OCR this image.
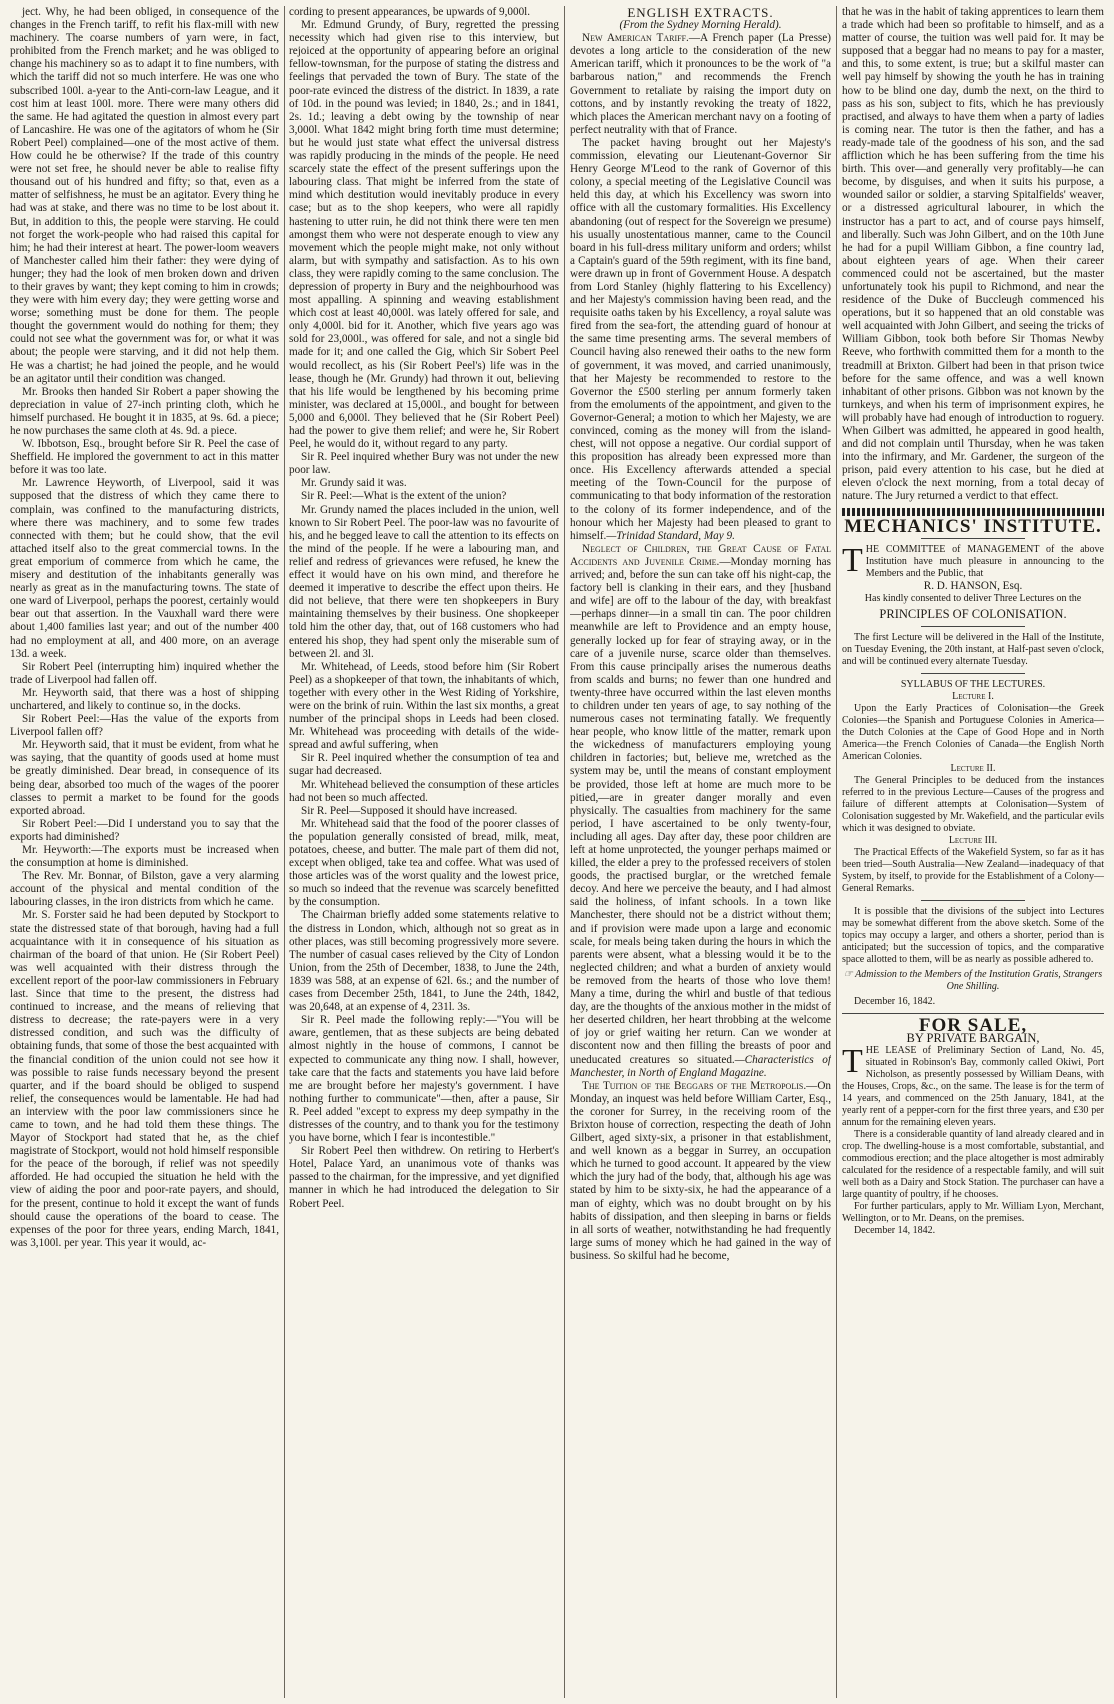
ject. Why, he had been obliged, in consequence of the changes in the French tariff, to refit his flax-mill with new machinery. The coarse numbers of yarn were, in fact, prohibited from the French market; and he was obliged to change his machinery so as to adapt it to fine numbers, with which the tariff did not so much interfere. He was one who subscribed 100l. a-year to the Anti-corn-law League, and it cost him at least 100l. more. There were many others did the same. He had agitated the question in almost every part of Lancashire. He was one of the agitators of whom he (Sir Robert Peel) complained—one of the most active of them. How could he be otherwise? If the trade of this country were not set free, he should never be able to realise fifty thousand out of his hundred and fifty; so that, even as a matter of selfishness, he must be an agitator. Every thing he had was at stake, and there was no time to be lost about it. But, in addition to this, the people were starving. He could not forget the work-people who had raised this capital for him; he had their interest at heart. The power-loom weavers of Manchester called him their father: they were dying of hunger; they had the look of men broken down and driven to their graves by want; they kept coming to him in crowds; they were with him every day; they were getting worse and worse; something must be done for them. The people thought the government would do nothing for them; they could not see what the government was for, or what it was about; the people were starving, and it did not help them. He was a chartist; he had joined the people, and he would be an agitator until their condition was changed.

Mr. Brooks then handed Sir Robert a paper showing the depreciation in value of 27-inch printing cloth, which he himself purchased. He bought it in 1835, at 9s. 6d. a piece; he now purchases the same cloth at 4s. 9d. a piece.

W. Ibbotson, Esq., brought before Sir R. Peel the case of Sheffield. He implored the government to act in this matter before it was too late.

Mr. Lawrence Heyworth, of Liverpool, said it was supposed that the distress of which they came there to complain, was confined to the manufacturing districts, where there was machinery, and to some few trades connected with them; but he could show, that the evil attached itself also to the great commercial towns. In the great emporium of commerce from which he came, the misery and destitution of the inhabitants generally was nearly as great as in the manufacturing towns. The state of one ward of Liverpool, perhaps the poorest, certainly would bear out that assertion. In the Vauxhall ward there were about 1,400 families last year; and out of the number 400 had no employment at all, and 400 more, on an average 13d. a week.

Sir Robert Peel (interrupting him) inquired whether the trade of Liverpool had fallen off.

Mr. Heyworth said, that there was a host of shipping unchartered, and likely to continue so, in the docks.

Sir Robert Peel:—Has the value of the exports from Liverpool fallen off?

Mr. Heyworth said, that it must be evident, from what he was saying, that the quantity of goods used at home must be greatly diminished. Dear bread, in consequence of its being dear, absorbed too much of the wages of the poorer classes to permit a market to be found for the goods exported abroad.

Sir Robert Peel:—Did I understand you to say that the exports had diminished?

Mr. Heyworth:—The exports must be increased when the consumption at home is diminished.

The Rev. Mr. Bonnar, of Bilston, gave a very alarming account of the physical and mental condition of the labouring classes, in the iron districts from which he came.

Mr. S. Forster said he had been deputed by Stockport to state the distressed state of that borough, having had a full acquaintance with it in consequence of his situation as chairman of the board of that union. He (Sir Robert Peel) was well acquainted with their distress through the excellent report of the poor-law commissioners in February last. Since that time to the present, the distress had continued to increase, and the means of relieving that distress to decrease; the rate-payers were in a very distressed condition, and such was the difficulty of obtaining funds, that some of those the best acquainted with the financial condition of the union could not see how it was possible to raise funds necessary beyond the present quarter, and if the board should be obliged to suspend relief, the consequences would be lamentable. He had had an interview with the poor law commissioners since he came to town, and he had told them these things. The Mayor of Stockport had stated that he, as the chief magistrate of Stockport, would not hold himself responsible for the peace of the borough, if relief was not speedily afforded. He had occupied the situation he held with the view of aiding the poor and poor-rate payers, and should, for the present, continue to hold it except the want of funds should cause the operations of the board to cease. The expenses of the poor for three years, ending March, 1841, was 3,100l. per year. This year it would, ac-

cording to present appearances, be upwards of 9,000l.

Mr. Edmund Grundy, of Bury, regretted the pressing necessity which had given rise to this interview, but rejoiced at the opportunity of appearing before an original fellow-townsman, for the purpose of stating the distress and feelings that pervaded the town of Bury. The state of the poor-rate evinced the distress of the district. In 1839, a rate of 10d. in the pound was levied; in 1840, 2s.; and in 1841, 2s. 1d.; leaving a debt owing by the township of near 3,000l. What 1842 might bring forth time must determine; but he would just state what effect the universal distress was rapidly producing in the minds of the people. He need scarcely state the effect of the present sufferings upon the labouring class. That might be inferred from the state of mind which destitution would inevitably produce in every case; but as to the shop keepers, who were all rapidly hastening to utter ruin, he did not think there were ten men amongst them who were not desperate enough to view any movement which the people might make, not only without alarm, but with sympathy and satisfaction. As to his own class, they were rapidly coming to the same conclusion. The depression of property in Bury and the neighbourhood was most appalling. A spinning and weaving establishment which cost at least 40,000l. was lately offered for sale, and only 4,000l. bid for it. Another, which five years ago was sold for 23,000l., was offered for sale, and not a single bid made for it; and one called the Gig, which Sir Sobert Peel would recollect, as his (Sir Robert Peel's) life was in the lease, though he (Mr. Grundy) had thrown it out, believing that his life would be lengthened by his becoming prime minister, was declared at 15,000l., and bought for between 5,000 and 6,000l. They believed that he (Sir Robert Peel) had the power to give them relief; and were he, Sir Robert Peel, he would do it, without regard to any party.

Sir R. Peel inquired whether Bury was not under the new poor law.

Mr. Grundy said it was.

Sir R. Peel:—What is the extent of the union?

Mr. Grundy named the places included in the union, well known to Sir Robert Peel. The poor-law was no favourite of his, and he begged leave to call the attention to its effects on the mind of the people. If he were a labouring man, and relief and redress of grievances were refused, he knew the effect it would have on his own mind, and therefore he deemed it imperative to describe the effect upon theirs. He did not believe, that there were ten shopkeepers in Bury maintaining themselves by their business. One shopkeeper told him the other day, that, out of 168 customers who had entered his shop, they had spent only the miserable sum of between 2l. and 3l.

Mr. Whitehead, of Leeds, stood before him (Sir Robert Peel) as a shopkeeper of that town, the inhabitants of which, together with every other in the West Riding of Yorkshire, were on the brink of ruin. Within the last six months, a great number of the principal shops in Leeds had been closed. Mr. Whitehead was proceeding with details of the wide-spread and awful suffering, when

Sir R. Peel inquired whether the consumption of tea and sugar had decreased.

Mr. Whitehead believed the consumption of these articles had not been so much affected.

Sir R. Peel—Supposed it should have increased.

Mr. Whitehead said that the food of the poorer classes of the population generally consisted of bread, milk, meat, potatoes, cheese, and butter. The male part of them did not, except when obliged, take tea and coffee. What was used of those articles was of the worst quality and the lowest price, so much so indeed that the revenue was scarcely benefitted by the consumption.

The Chairman briefly added some statements relative to the distress in London, which, although not so great as in other places, was still becoming progressively more severe. The number of casual cases relieved by the City of London Union, from the 25th of December, 1838, to June the 24th, 1839 was 588, at an expense of 62l. 6s.; and the number of cases from December 25th, 1841, to June the 24th, 1842, was 20,648, at an expense of 4, 231l. 3s.

Sir R. Peel made the following reply:—"You will be aware, gentlemen, that as these subjects are being debated almost nightly in the house of commons, I cannot be expected to communicate any thing now. I shall, however, take care that the facts and statements you have laid before me are brought before her majesty's government. I have nothing further to communicate"—then, after a pause, Sir R. Peel added "except to express my deep sympathy in the distresses of the country, and to thank you for the testimony you have borne, which I fear is incontestible."

Sir Robert Peel then withdrew. On retiring to Herbert's Hotel, Palace Yard, an unanimous vote of thanks was passed to the chairman, for the impressive, and yet dignified manner in which he had introduced the delegation to Sir Robert Peel.

ENGLISH EXTRACTS.

(From the Sydney Morning Herald).

New American Tariff.—A French paper (La Presse) devotes a long article to the consideration of the new American tariff, which it pronounces to be the work of "a barbarous nation," and recommends the French Government to retaliate by raising the import duty on cottons, and by instantly revoking the treaty of 1822, which places the American merchant navy on a footing of perfect neutrality with that of France.

The packet having brought out her Majesty's commission, elevating our Lieutenant-Governor Sir Henry George M'Leod to the rank of Governor of this colony, a special meeting of the Legislative Council was held this day, at which his Excellency was sworn into office with all the customary formalities. His Excellency abandoning (out of respect for the Sovereign we presume) his usually unostentatious manner, came to the Council board in his full-dress military uniform and orders; whilst a Captain's guard of the 59th regiment, with its fine band, were drawn up in front of Government House. A despatch from Lord Stanley (highly flattering to his Excellency) and her Majesty's commission having been read, and the requisite oaths taken by his Excellency, a royal salute was fired from the sea-fort, the attending guard of honour at the same time presenting arms. The several members of Council having also renewed their oaths to the new form of government, it was moved, and carried unanimously, that her Majesty be recommended to restore to the Governor the £500 sterling per annum formerly taken from the emoluments of the appointment, and given to the Governor-General; a motion to which her Majesty, we are convinced, coming as the money will from the island-chest, will not oppose a negative. Our cordial support of this proposition has already been expressed more than once. His Excellency afterwards attended a special meeting of the Town-Council for the purpose of communicating to that body information of the restoration to the colony of its former independence, and of the honour which her Majesty had been pleased to grant to himself.—Trinidad Standard, May 9.

Neglect of Children, the Great Cause of Fatal Accidents and Juvenile Crime.—Monday morning has arrived; and, before the sun can take off his night-cap, the factory bell is clanking in their ears, and they [husband and wife] are off to the labour of the day, with breakfast—perhaps dinner—in a small tin can. The poor children meanwhile are left to Providence and an empty house, generally locked up for fear of straying away, or in the care of a juvenile nurse, scarce older than themselves. From this cause principally arises the numerous deaths from scalds and burns; no fewer than one hundred and twenty-three have occurred within the last eleven months to children under ten years of age, to say nothing of the numerous cases not terminating fatally. We frequently hear people, who know little of the matter, remark upon the wickedness of manufacturers employing young children in factories; but, believe me, wretched as the system may be, until the means of constant employment be provided, those left at home are much more to be pitied,—are in greater danger morally and even physically. The casualties from machinery for the same period, I have ascertained to be only twenty-four, including all ages. Day after day, these poor children are left at home unprotected, the younger perhaps maimed or killed, the elder a prey to the professed receivers of stolen goods, the practised burglar, or the wretched female decoy. And here we perceive the beauty, and I had almost said the holiness, of infant schools. In a town like Manchester, there should not be a district without them; and if provision were made upon a large and economic scale, for meals being taken during the hours in which the parents were absent, what a blessing would it be to the neglected children; and what a burden of anxiety would be removed from the hearts of those who love them! Many a time, during the whirl and bustle of that tedious day, are the thoughts of the anxious mother in the midst of her deserted children, her heart throbbing at the welcome of joy or grief waiting her return. Can we wonder at discontent now and then filling the breasts of poor and uneducated creatures so situated.—Characteristics of Manchester, in North of England Magazine.

The Tuition of the Beggars of the Metropolis.—On Monday, an inquest was held before William Carter, Esq., the coroner for Surrey, in the receiving room of the Brixton house of correction, respecting the death of John Gilbert, aged sixty-six, a prisoner in that establishment, and well known as a beggar in Surrey, an occupation which he turned to good account. It appeared by the view which the jury had of the body, that, although his age was stated by him to be sixty-six, he had the appearance of a man of eighty, which was no doubt brought on by his habits of dissipation, and then sleeping in barns or fields in all sorts of weather, notwithstanding he had frequently large sums of money which he had gained in the way of business. So skilful had he become,

that he was in the habit of taking apprentices to learn them a trade which had been so profitable to himself, and as a matter of course, the tuition was well paid for. It may be supposed that a beggar had no means to pay for a master, and this, to some extent, is true; but a skilful master can well pay himself by showing the youth he has in training how to be blind one day, dumb the next, on the third to pass as his son, subject to fits, which he has previously practised, and always to have them when a party of ladies is coming near. The tutor is then the father, and has a ready-made tale of the goodness of his son, and the sad affliction which he has been suffering from the time his birth. This over—and generally very profitably—he can become, by disguises, and when it suits his purpose, a wounded sailor or soldier, a starving Spitalfields' weaver, or a distressed agricultural labourer, in which the instructor has a part to act, and of course pays himself, and liberally. Such was John Gilbert, and on the 10th June he had for a pupil William Gibbon, a fine country lad, about eighteen years of age. When their career commenced could not be ascertained, but the master unfortunately took his pupil to Richmond, and near the residence of the Duke of Buccleugh commenced his operations, but it so happened that an old constable was well acquainted with John Gilbert, and seeing the tricks of William Gibbon, took both before Sir Thomas Newby Reeve, who forthwith committed them for a month to the treadmill at Brixton. Gilbert had been in that prison twice before for the same offence, and was a well known inhabitant of other prisons. Gibbon was not known by the turnkeys, and when his term of imprisonment expires, he will probably have had enough of introduction to roguery. When Gilbert was admitted, he appeared in good health, and did not complain until Thursday, when he was taken into the infirmary, and Mr. Gardener, the surgeon of the prison, paid every attention to his case, but he died at eleven o'clock the next morning, from a total decay of nature. The Jury returned a verdict to that effect.

MECHANICS' INSTITUTE.

THE COMMITTEE of MANAGEMENT of the above Institution have much pleasure in announcing to the Members and the Public, that

R. D. HANSON, Esq.

Has kindly consented to deliver Three Lectures on the

PRINCIPLES OF COLONISATION.

The first Lecture will be delivered in the Hall of the Institute, on Tuesday Evening, the 20th instant, at Half-past seven o'clock, and will be continued every alternate Tuesday.

SYLLABUS OF THE LECTURES.

Lecture I.

Upon the Early Practices of Colonisation—the Greek Colonies—the Spanish and Portuguese Colonies in America—the Dutch Colonies at the Cape of Good Hope and in North America—the French Colonies of Canada—the English North American Colonies.

Lecture II.

The General Principles to be deduced from the instances referred to in the previous Lecture—Causes of the progress and failure of different attempts at Colonisation—System of Colonisation suggested by Mr. Wakefield, and the particular evils which it was designed to obviate.

Lecture III.

The Practical Effects of the Wakefield System, so far as it has been tried—South Australia—New Zealand—inadequacy of that System, by itself, to provide for the Establishment of a Colony—General Remarks.

It is possible that the divisions of the subject into Lectures may be somewhat different from the above sketch. Some of the topics may occupy a larger, and others a shorter, period than is anticipated; but the succession of topics, and the comparative space allotted to them, will be as nearly as possible adhered to.

☞ Admission to the Members of the Institution Gratis, Strangers One Shilling.

December 16, 1842.

FOR SALE,

BY PRIVATE BARGAIN,

THE LEASE of Preliminary Section of Land, No. 45, situated in Robinson's Bay, commonly called Okiwi, Port Nicholson, as presently possessed by William Deans, with the Houses, Crops, &c., on the same. The lease is for the term of 14 years, and commenced on the 25th January, 1841, at the yearly rent of a pepper-corn for the first three years, and £30 per annum for the remaining eleven years.

There is a considerable quantity of land already cleared and in crop. The dwelling-house is a most comfortable, substantial, and commodious erection; and the place altogether is most admirably calculated for the residence of a respectable family, and will suit well both as a Dairy and Stock Station. The purchaser can have a large quantity of poultry, if he chooses.

For further particulars, apply to Mr. William Lyon, Merchant, Wellington, or to Mr. Deans, on the premises.

December 14, 1842.
